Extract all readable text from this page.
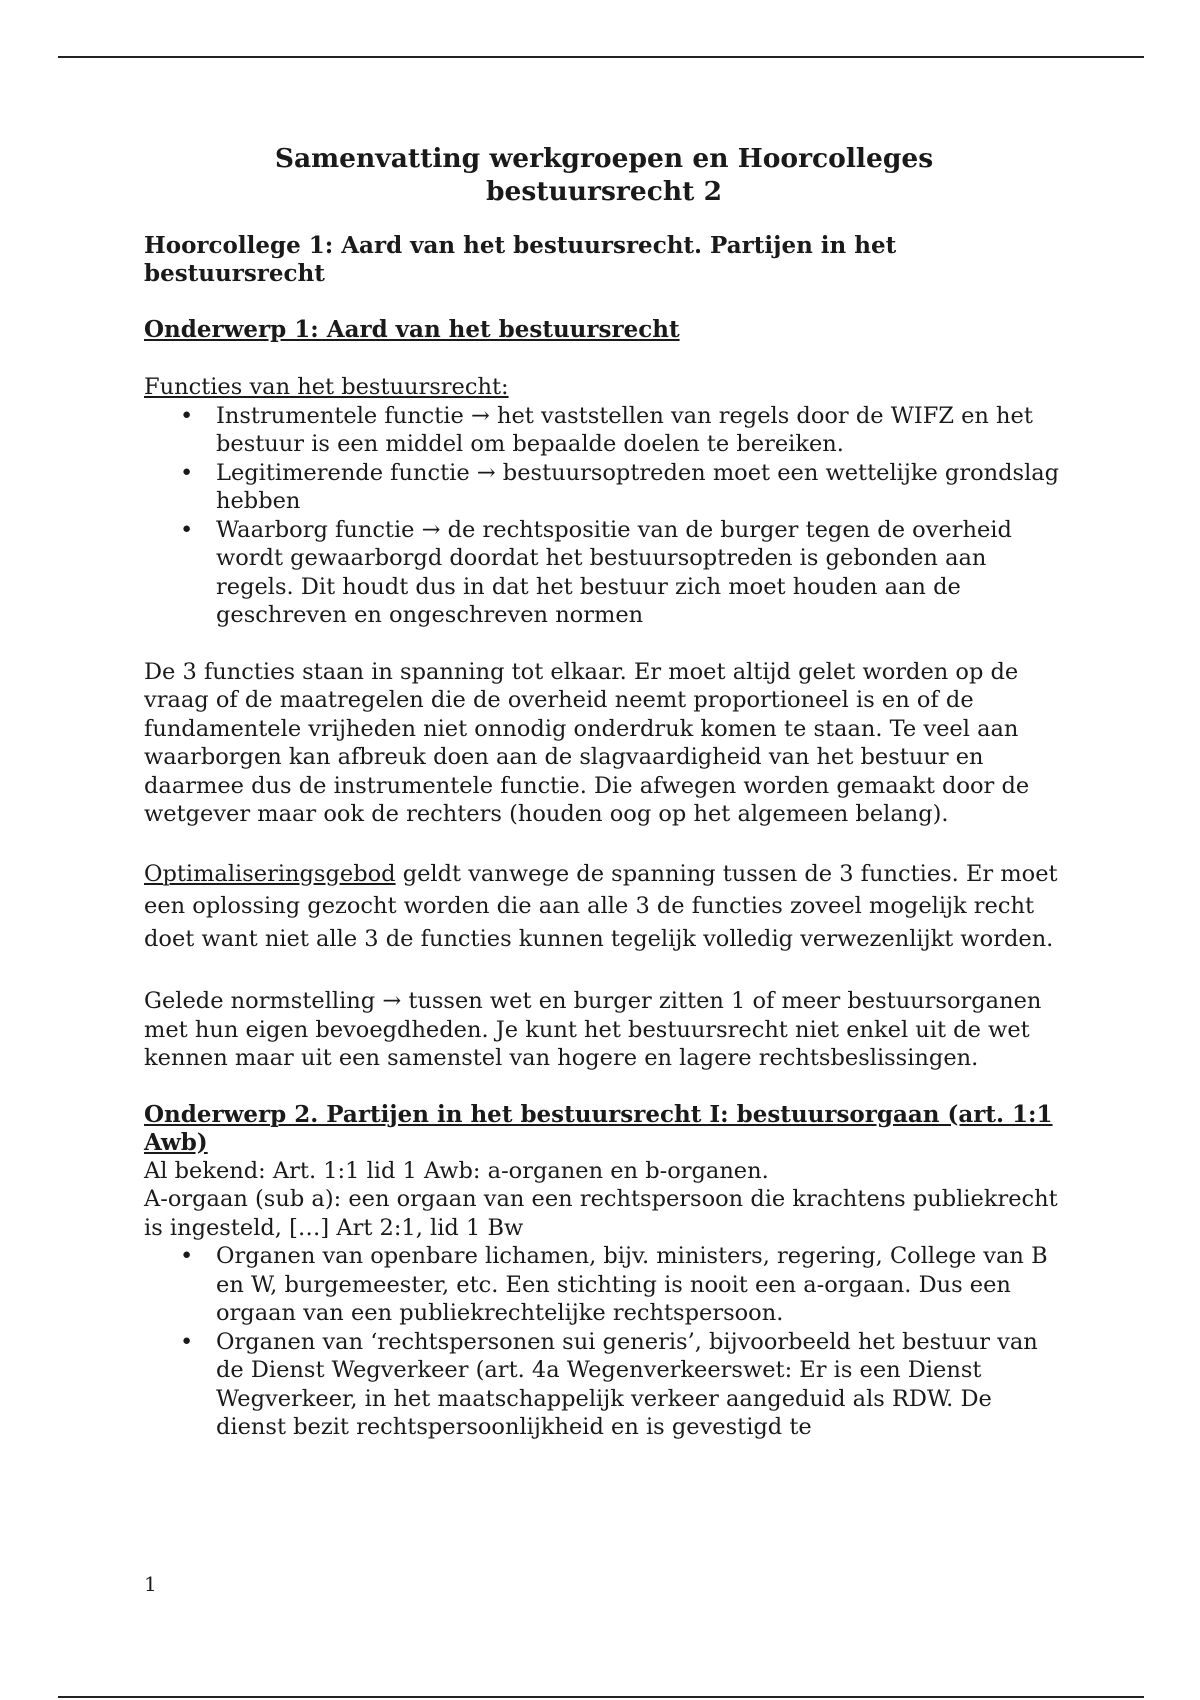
Samenvatting werkgroepen en Hoorcolleges
bestuursrecht 2
Hoorcollege 1: Aard van het bestuursrecht. Partijen in het bestuursrecht
Onderwerp 1: Aard van het bestuursrecht
Functies van het bestuursrecht:
• Instrumentele functie → het vaststellen van regels door de WIFZ en het bestuur is een middel om bepaalde doelen te bereiken.
• Legitimerende functie → bestuursoptreden moet een wettelijke grondslag hebben
• Waarborg functie → de rechtspositie van de burger tegen de overheid wordt gewaarborgd doordat het bestuursoptreden is gebonden aan regels. Dit houdt dus in dat het bestuur zich moet houden aan de geschreven en ongeschreven normen

De 3 functies staan in spanning tot elkaar. Er moet altijd gelet worden op de vraag of de maatregelen die de overheid neemt proportioneel is en of de fundamentele vrijheden niet onnodig onderdruk komen te staan. Te veel aan waarborgen kan afbreuk doen aan de slagvaardigheid van het bestuur en daarmee dus de instrumentele functie. Die afwegen worden gemaakt door de wetgever maar ook de rechters (houden oog op het algemeen belang).

Optimaliseringsgebod geldt vanwege de spanning tussen de 3 functies. Er moet een oplossing gezocht worden die aan alle 3 de functies zoveel mogelijk recht doet want niet alle 3 de functies kunnen tegelijk volledig verwezenlijkt worden.

Gelede normstelling → tussen wet en burger zitten 1 of meer bestuursorganen met hun eigen bevoegdheden. Je kunt het bestuursrecht niet enkel uit de wet kennen maar uit een samenstel van hogere en lagere rechtsbeslissingen.

Onderwerp 2. Partijen in het bestuursrecht I: bestuursorgaan (art. 1:1 Awb)

Al bekend: Art. 1:1 lid 1 Awb: a-organen en b-organen.

A-orgaan (sub a): een orgaan van een rechtspersoon die krachtens publiekrecht is ingesteld, […] Art 2:1, lid 1 Bw

• Organen van openbare lichamen, bijv. ministers, regering, College van B en W, burgemeester, etc. Een stichting is nooit een a-orgaan. Dus een orgaan van een publiekrechtelijke rechtspersoon.
• Organen van ‘rechtspersonen sui generis’, bijvoorbeeld het bestuur van de Dienst Wegverkeer (art. 4a Wegenverkeerswet: Er is een Dienst Wegverkeer, in het maatschappelijk verkeer aangeduid als RDW. De dienst bezit rechtspersoonlijkheid en is gevestigd te
1
